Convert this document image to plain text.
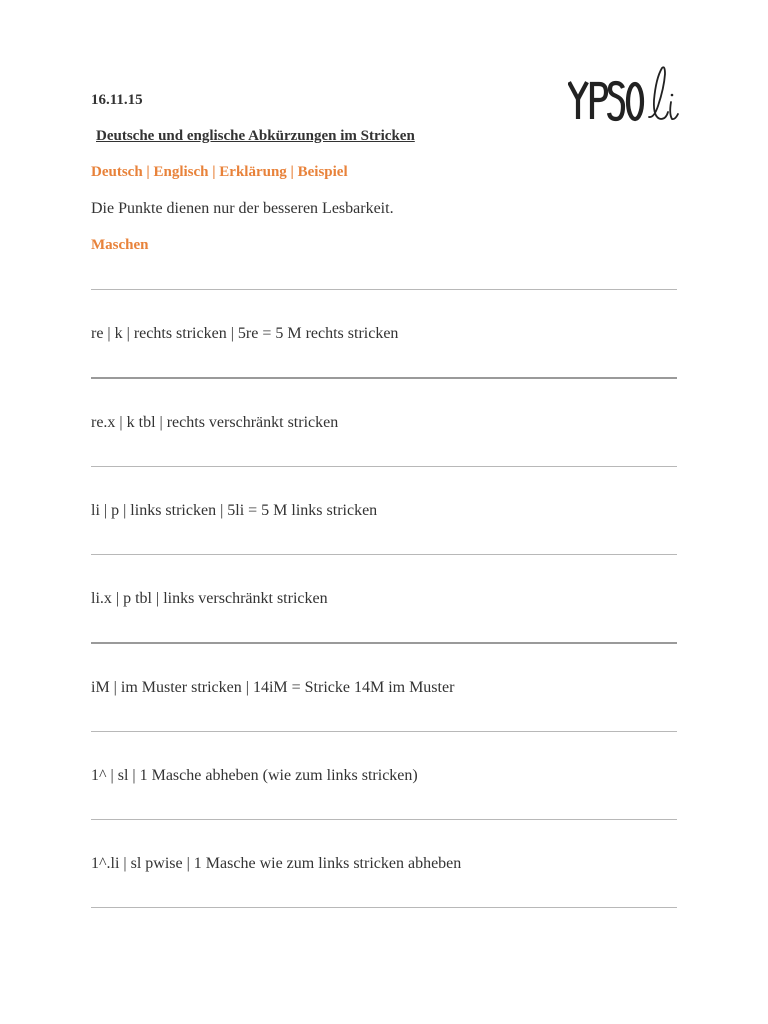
16.11.15
Deutsche und englische Abkürzungen im Stricken
Deutsch | Englisch | Erklärung | Beispiel
Die Punkte dienen nur der besseren Lesbarkeit.
Maschen
re | k | rechts stricken | 5re = 5 M rechts stricken
re.x | k tbl | rechts verschränkt stricken
li | p | links stricken | 5li = 5 M links stricken
li.x | p tbl | links verschränkt stricken
iM | im Muster stricken | 14iM = Stricke 14M im Muster
1^ | sl | 1 Masche abheben (wie zum links stricken)
1^.li | sl pwise | 1 Masche wie zum links stricken abheben
